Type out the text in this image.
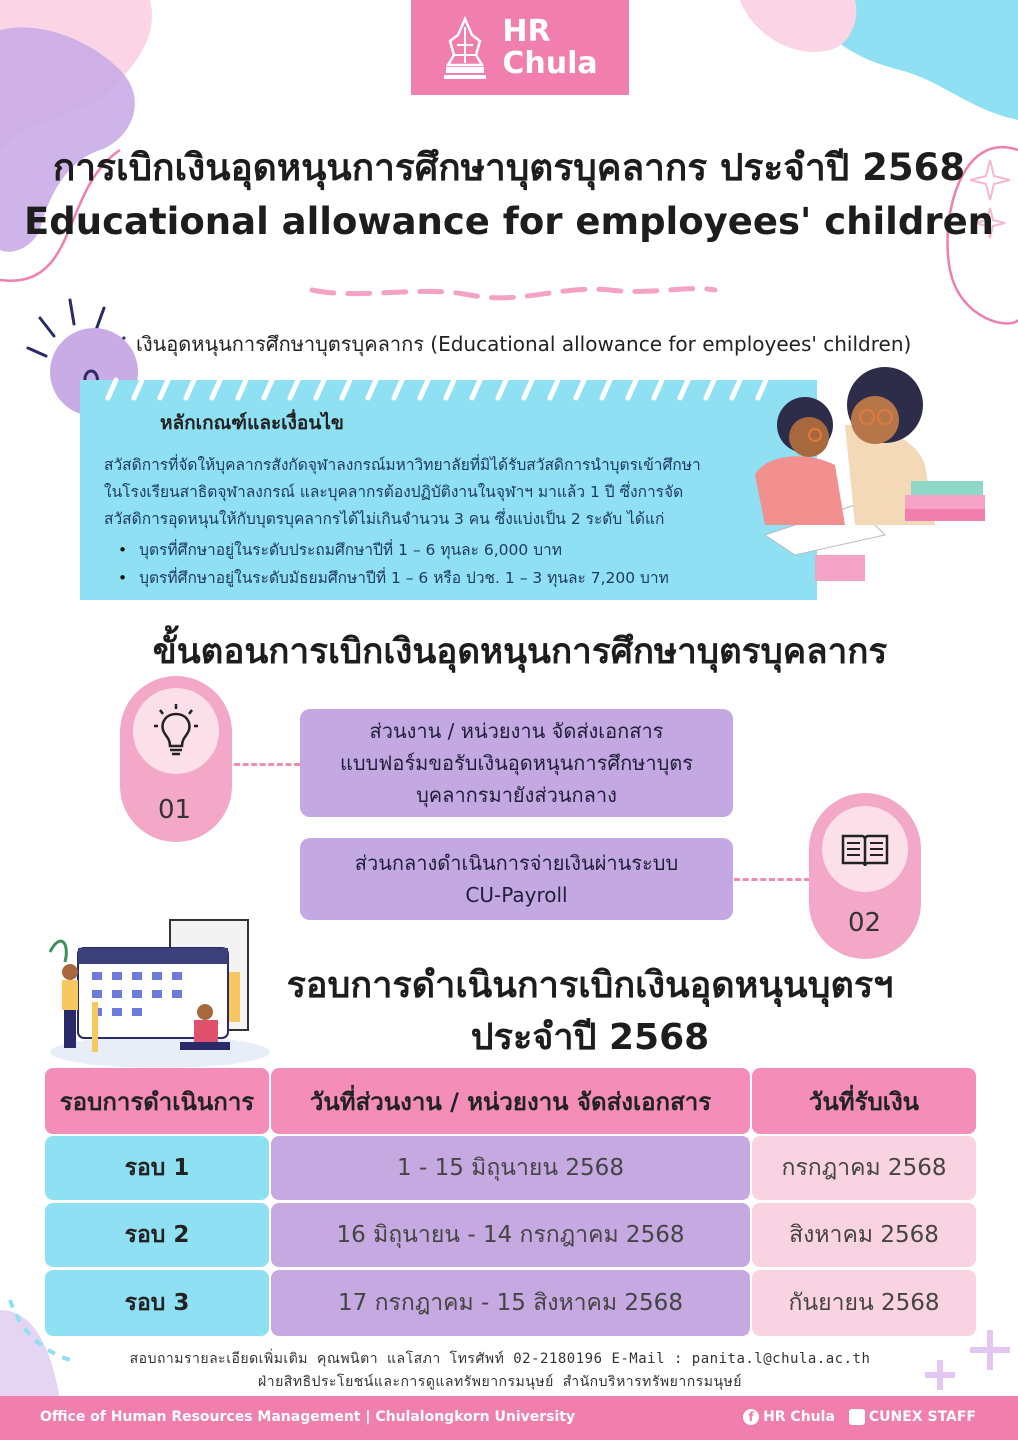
HR
Chula
การเบิกเงินอุดหนุนการศึกษาบุตรบุคลากร ประจำปี 2568
Educational allowance for employees' children
เงินอุดหนุนการศึกษาบุตรบุคลากร (Educational allowance for employees' children)
หลักเกณฑ์และเงื่อนไข
สวัสดิการที่จัดให้บุคลากรสังกัดจุฬาลงกรณ์มหาวิทยาลัยที่มิได้รับสวัสดิการนำบุตรเข้าศึกษา
ในโรงเรียนสาธิตจุฬาลงกรณ์ และบุคลากรต้องปฏิบัติงานในจุฬาฯ มาแล้ว 1 ปี ซึ่งการจัด
สวัสดิการอุดหนุนให้กับบุตรบุคลากรได้ไม่เกินจำนวน 3 คน ซึ่งแบ่งเป็น 2 ระดับ ได้แก่
• บุตรที่ศึกษาอยู่ในระดับประถมศึกษาปีที่ 1 – 6 ทุนละ 6,000 บาท
• บุตรที่ศึกษาอยู่ในระดับมัธยมศึกษาปีที่ 1 – 6 หรือ ปวช. 1 – 3 ทุนละ 7,200 บาท
ขั้นตอนการเบิกเงินอุดหนุนการศึกษาบุตรบุคลากร
01
ส่วนงาน / หน่วยงาน จัดส่งเอกสาร
แบบฟอร์มขอรับเงินอุดหนุนการศึกษาบุตร
บุคลากรมายังส่วนกลาง
ส่วนกลางดำเนินการจ่ายเงินผ่านระบบ
CU-Payroll
02
รอบการดำเนินการเบิกเงินอุดหนุนบุตรฯ
ประจำปี 2568
รอบการดำเนินการ	วันที่ส่วนงาน / หน่วยงาน จัดส่งเอกสาร	วันที่รับเงิน
รอบ 1	1 - 15 มิถุนายน 2568	กรกฎาคม 2568
รอบ 2	16 มิถุนายน - 14 กรกฎาคม 2568	สิงหาคม 2568
รอบ 3	17 กรกฎาคม - 15 สิงหาคม 2568	กันยายน 2568
สอบถามรายละเอียดเพิ่มเติม คุณพนิตา แลโสภา โทรศัพท์ 02-2180196 E-Mail : panita.l@chula.ac.th
ฝ่ายสิทธิประโยชน์และการดูแลทรัพยากรมนุษย์ สำนักบริหารทรัพยากรมนุษย์
Office of Human Resources Management | Chulalongkorn University	f HR Chula	CUNEX STAFF
